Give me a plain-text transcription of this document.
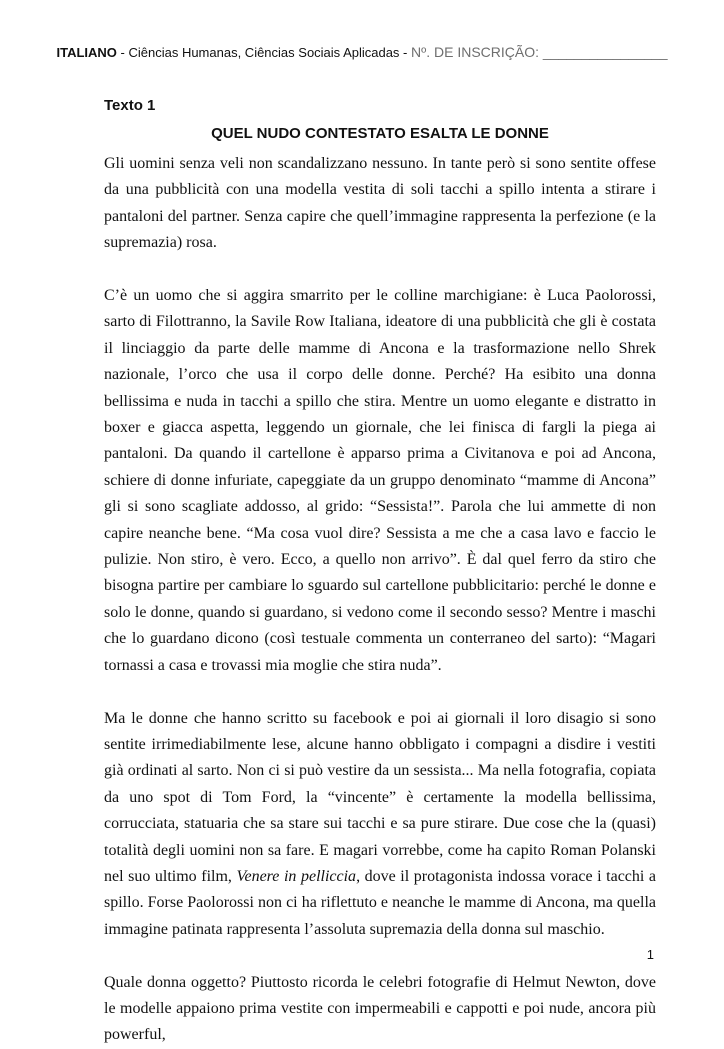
ITALIANO - Ciências Humanas, Ciências Sociais Aplicadas - Nº. DE INSCRIÇÃO: ________________
Texto 1
QUEL NUDO CONTESTATO ESALTA LE DONNE

Gli uomini senza veli non scandalizzano nessuno. In tante però si sono sentite offese da una pubblicità con una modella vestita di soli tacchi a spillo intenta a stirare i pantaloni del partner. Senza capire che quell’immagine rappresenta la perfezione (e la supremazia) rosa.

C’è un uomo che si aggira smarrito per le colline marchigiane: è Luca Paolorossi, sarto di Filottranno, la Savile Row Italiana, ideatore di una pubblicità che gli è costata il linciaggio da parte delle mamme di Ancona e la trasformazione nello Shrek nazionale, l’orco che usa il corpo delle donne. Perché? Ha esibito una donna bellissima e nuda in tacchi a spillo che stira. Mentre un uomo elegante e distratto in boxer e giacca aspetta, leggendo un giornale, che lei finisca di fargli la piega ai pantaloni. Da quando il cartellone è apparso prima a Civitanova e poi ad Ancona, schiere di donne infuriate, capeggiate da un gruppo denominato “mamme di Ancona” gli si sono scagliate addosso, al grido: “Sessista!”. Parola che lui ammette di non capire neanche bene. “Ma cosa vuol dire? Sessista a me che a casa lavo e faccio le pulizie. Non stiro, è vero. Ecco, a quello non arrivo”. È dal quel ferro da stiro che bisogna partire per cambiare lo sguardo sul cartellone pubblicitario: perché le donne e solo le donne, quando si guardano, si vedono come il secondo sesso? Mentre i maschi che lo guardano dicono (così testuale commenta un conterraneo del sarto): “Magari tornassi a casa e trovassi mia moglie che stira nuda”.

Ma le donne che hanno scritto su facebook e poi ai giornali il loro disagio si sono sentite irrimediabilmente lese, alcune hanno obbligato i compagni a disdire i vestiti già ordinati al sarto. Non ci si può vestire da un sessista... Ma nella fotografia, copiata da uno spot di Tom Ford, la “vincente” è certamente la modella bellissima, corrucciata, statuaria che sa stare sui tacchi e sa pure stirare. Due cose che la (quasi) totalità degli uomini non sa fare. E magari vorrebbe, come ha capito Roman Polanski nel suo ultimo film, Venere in pelliccia, dove il protagonista indossa vorace i tacchi a spillo. Forse Paolorossi non ci ha riflettuto e neanche le mamme di Ancona, ma quella immagine patinata rappresenta l’assoluta supremazia della donna sul maschio.

Quale donna oggetto? Piuttosto ricorda le celebri fotografie di Helmut Newton, dove le modelle appaiono prima vestite con impermeabili e cappotti e poi nude, ancora più powerful,

1
